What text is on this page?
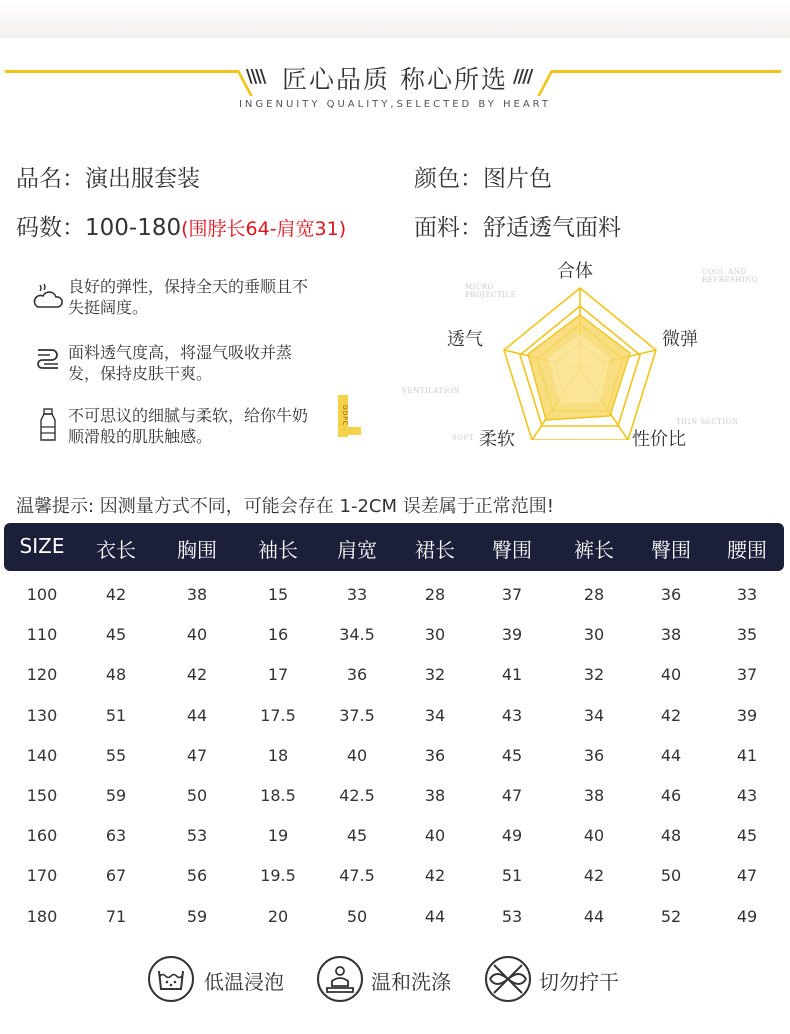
\\\\	////
匠心品质 称心所选
INGENUITY QUALITY,SELECTED BY HEART
品名：演出服套装	颜色：图片色
码数：100-180(围脖长64-肩宽31)	面料：舒适透气面料
良好的弹性，保持全天的垂顺且不失挺阔度。
面料透气度高，将湿气吸收并蒸发，保持皮肤干爽。
不可思议的细腻与柔软，给你牛奶顺滑般的肌肤触感。
DDPC
合体
微弹
性价比
柔软
透气
MICRO PROJECTILE
COOL AND REFRESHING
VENTILATION
SOFT
THIN SECTION
温馨提示: 因测量方式不同，可能会存在 1-2CM 误差属于正常范围!
SIZE	衣长	胸围	袖长	肩宽	裙长	臀围	裤长	臀围	腰围
100	42	38	15	33	28	37	28	36	33
110	45	40	16	34.5	30	39	30	38	35
120	48	42	17	36	32	41	32	40	37
130	51	44	17.5	37.5	34	43	34	42	39
140	55	47	18	40	36	45	36	44	41
150	59	50	18.5	42.5	38	47	38	46	43
160	63	53	19	45	40	49	40	48	45
170	67	56	19.5	47.5	42	51	42	50	47
180	71	59	20	50	44	53	44	52	49
低温浸泡	温和洗涤	切勿拧干
